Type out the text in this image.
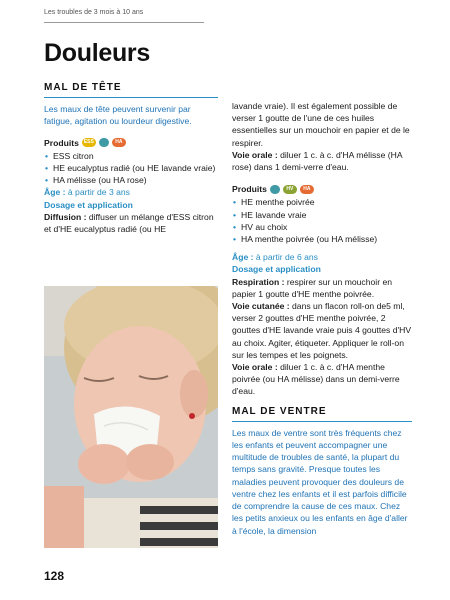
Les troubles de 3 mois à 10 ans
Douleurs
MAL DE TÊTE

Les maux de tête peuvent survenir par fatigue, agitation ou lourdeur digestive.

Produits ESS	HA
• ESS citron
• HE eucalyptus radié (ou HE lavande vraie)
• HA mélisse (ou HA rose)

Âge : à partir de 3 ans

Dosage et application

Diffusion : diffuser un mélange d'ESS citron et d'HE eucalyptus radié (ou HE

lavande vraie). Il est également possible de verser 1 goutte de l'une de ces huiles essentielles sur un mouchoir en papier et de le respirer.

Voie orale : diluer 1 c. à c. d'HA mélisse (HA rose) dans 1 demi-verre d'eau.

Produits	HV	HA
• HE menthe poivrée
• HE lavande vraie
• HV au choix
• HA menthe poivrée (ou HA mélisse)

Âge : à partir de 6 ans

Dosage et application

Respiration : respirer sur un mouchoir en papier 1 goutte d'HE menthe poivrée.

Voie cutanée : dans un flacon roll-on de5 ml, verser 2 gouttes d'HE menthe poivrée, 2 gouttes d'HE lavande vraie puis 4 gouttes d'HV au choix. Agiter, étiqueter. Appliquer le roll-on sur les tempes et les poignets.

Voie orale : diluer 1 c. à c. d'HA menthe poivrée (ou HA mélisse) dans un demi-verre d'eau.

MAL DE VENTRE

Les maux de ventre sont très fréquents chez les enfants et peuvent accompagner une multitude de troubles de santé, la plupart du temps sans gravité. Presque toutes les maladies peuvent provoquer des douleurs de ventre chez les enfants et il est parfois difficile de comprendre la cause de ces maux. Chez les petits anxieux ou les enfants en âge d'aller à l'école, la dimension

128
